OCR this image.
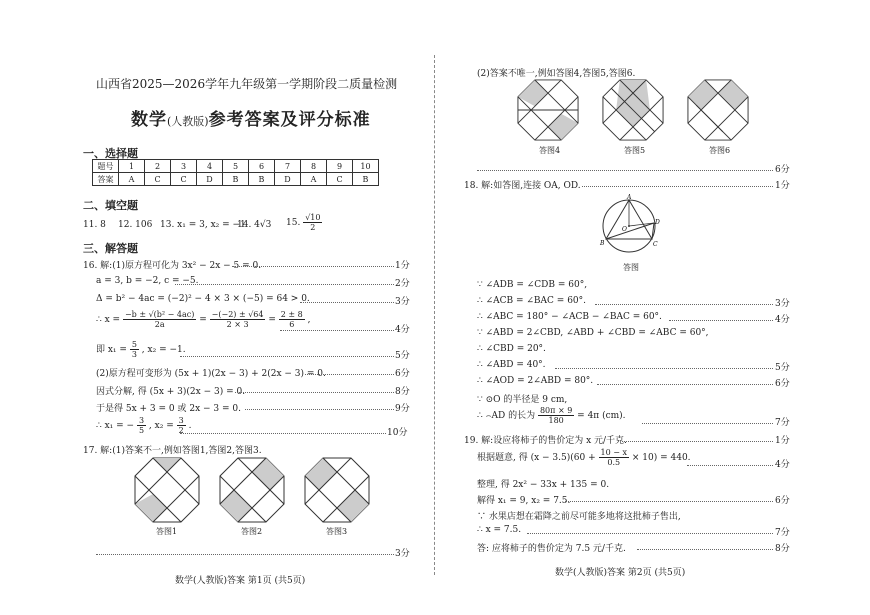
山西省2025—2026学年九年级第一学期阶段二质量检测
数学(人教版)参考答案及评分标准
一、选择题
题号	1	2	3	4	5	6	7	8	9	10
答案	A	C	C	D	B	B	D	A	C	B
二、填空题
11. 8 12. 106 13. x₁ = 3, x₂ = −1
14. 4√3 15. $\frac{√10}{2}$
三、解答题
16. 解:(1)原方程可化为 3x² − 2x − 5 = 0.	1分
a = 3, b = −2, c = −5.	2分
Δ = b² − 4ac = (−2)² − 4 × 3 × (−5) = 64 > 0.	3分
∴ $x = \frac{\text{−b ± √(b² − 4ac)}}{2a} = \frac{-(-2) \pm √64}{2 \times 3} = \frac{2 \pm 8}{6}$ ,
4分
即 $x_1 = \frac{5}{3}$ , x₂ = −1.
5分
(2)原方程可变形为 (5x + 1)(2x − 3) + 2(2x − 3) = 0.	6分
因式分解, 得 (5x + 3)(2x − 3) = 0.	8分
于是得 5x + 3 = 0 或 2x − 3 = 0.	9分
∴ x₁ = − $\frac{3}{5}$ , $x_2 = \frac{3}{2}$ .
10分
17. 解:(1)答案不一,例如答图1,答图2,答图3.
答图1	答图2	答图3
3分
数学(人教版)答案 第1页 (共5页)
(2)答案不唯一,例如答图4,答图5,答图6.
答图4	答图5	答图6
6分
18. 解:如答图,连接 OA, OD.	1分
A
B	C
D
O
答图
∵ ∠ADB = ∠CDB = 60°,
∴ ∠ACB = ∠BAC = 60°.	3分
∴ ∠ABC = 180° − ∠ACB − ∠BAC = 60°.	4分
∵ ∠ABD = 2∠CBD, ∠ABD + ∠CBD = ∠ABC = 60°,
∴ ∠CBD = 20°.
∴ ∠ABD = 40°.	5分
∴ ∠AOD = 2∠ABD = 80°.	6分
∵ ⊙O 的半径是 9 cm,
∴ ⌢AD 的长为 $\frac{80\pi \times 9}{180} = 4\pi$ (cm).
7分
19. 解:设应将柿子的售价定为 x 元/千克.	1分
根据题意, 得 $(x - 3.5)(60 + \frac{10 - x}{0.5} \times 10) = 440$.
4分
整理, 得 2x² − 33x + 135 = 0.
解得 x₁ = 9, x₂ = 7.5.	6分
∵ 水果店想在霜降之前尽可能多地将这批柿子售出,
∴ x = 7.5.	7分
答: 应将柿子的售价定为 7.5 元/千克.	8分
数学(人教版)答案 第2页 (共5页)
